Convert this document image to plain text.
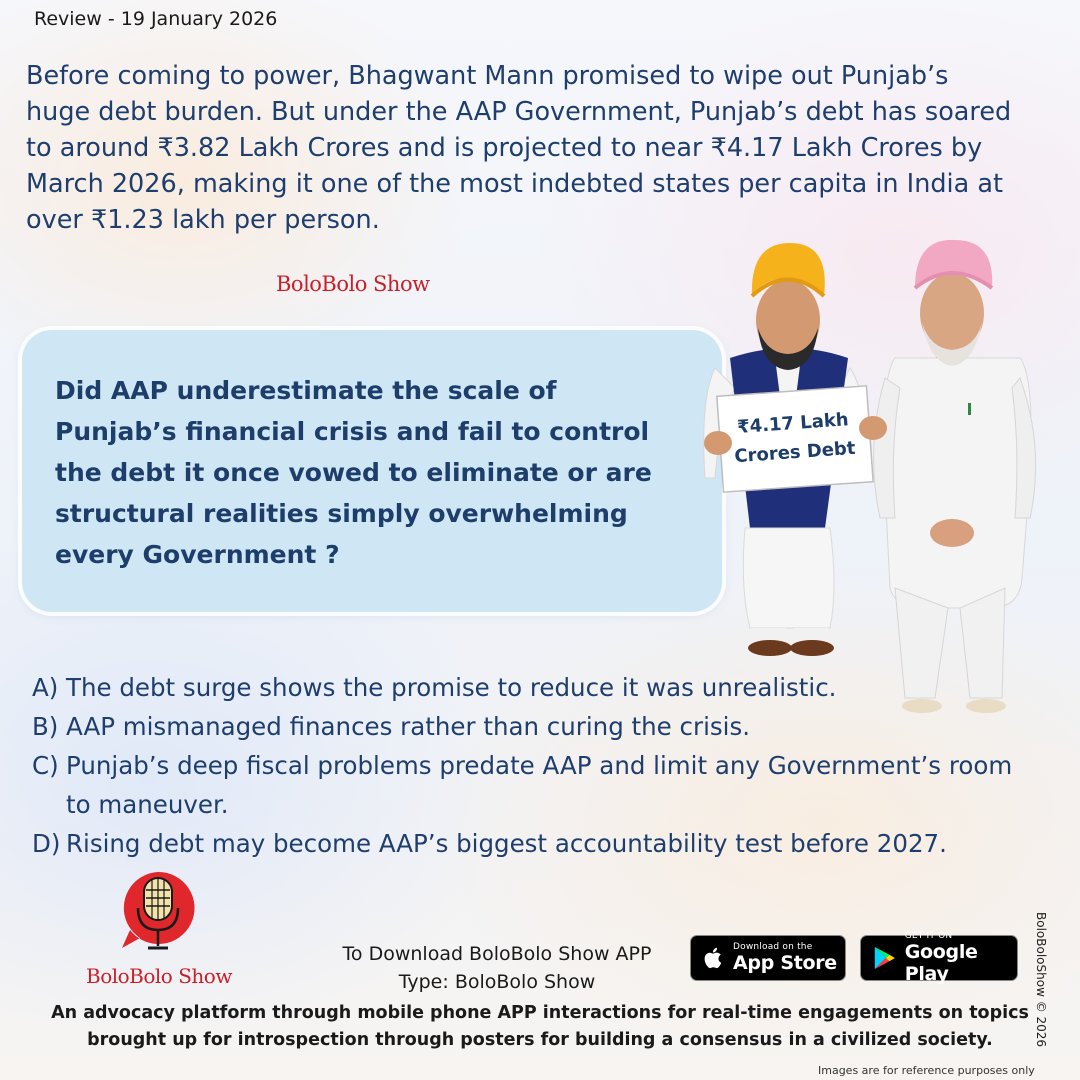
Review - 19 January 2026

Before coming to power, Bhagwant Mann promised to wipe out Punjab’s huge debt burden. But under the AAP Government, Punjab’s debt has soared to around ₹3.82 Lakh Crores and is projected to near ₹4.17 Lakh Crores by March 2026, making it one of the most indebted states per capita in India at over ₹1.23 lakh per person.

BoloBolo Show

Did AAP underestimate the scale of Punjab’s financial crisis and fail to control the debt it once vowed to eliminate or are structural realities simply overwhelming every Government ?

₹4.17 Lakh
Crores Debt
A) The debt surge shows the promise to reduce it was unrealistic.
B) AAP mismanaged finances rather than curing the crisis.
C) Punjab’s deep fiscal problems predate AAP and limit any Government’s room to maneuver.
D) Rising debt may become AAP’s biggest accountability test before 2027.
BoloBolo Show
To Download BoloBolo Show APP
Type: BoloBolo Show
Download on the
App Store
GET IT ON
Google Play

An advocacy platform through mobile phone APP interactions for real-time engagements on topics brought up for introspection through posters for building a consensus in a civilized society.

Images are for reference purposes only
BoloBoloShow © 2026
